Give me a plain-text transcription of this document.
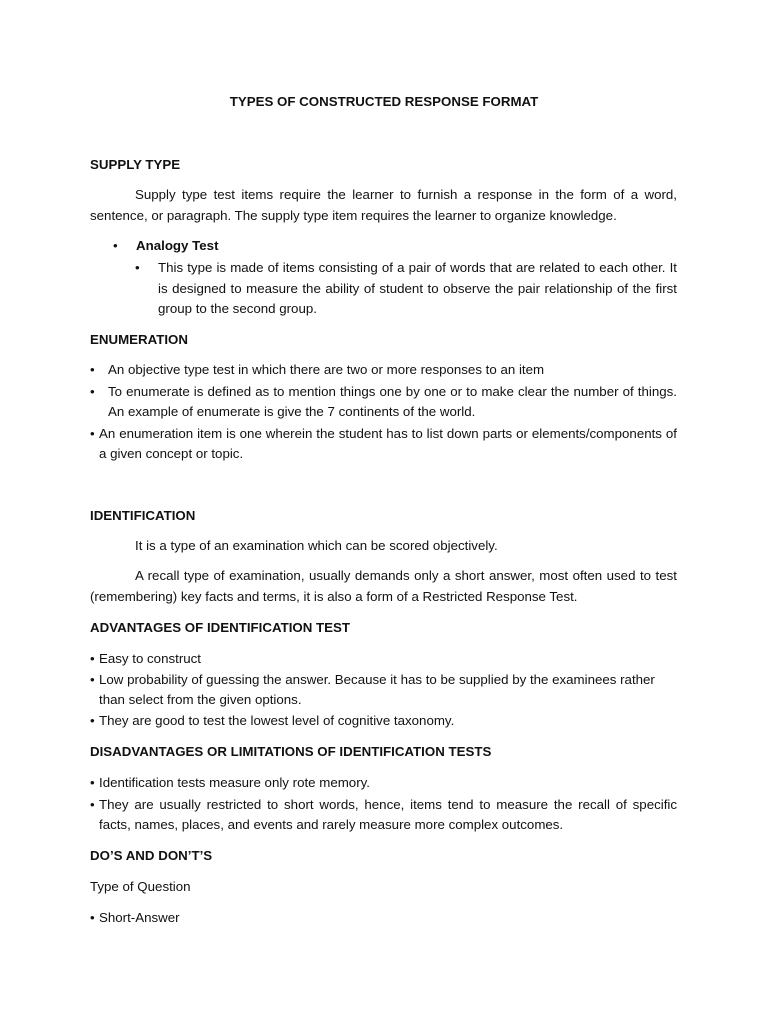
TYPES OF CONSTRUCTED RESPONSE FORMAT

SUPPLY TYPE

Supply type test items require the learner to furnish a response in the form of a word, sentence, or paragraph. The supply type item requires the learner to organize knowledge.

•	Analogy Test
•	This type is made of items consisting of a pair of words that are related to each other. It is designed to measure the ability of student to observe the pair relationship of the first group to the second group.

ENUMERATION

•	An objective type test in which there are two or more responses to an item
•	To enumerate is defined as to mention things one by one or to make clear the number of things. An example of enumerate is give the 7 continents of the world.
• An enumeration item is one wherein the student has to list down parts or elements/components of a given concept or topic.

IDENTIFICATION

It is a type of an examination which can be scored objectively.

A recall type of examination, usually demands only a short answer, most often used to test (remembering) key facts and terms, it is also a form of a Restricted Response Test.

ADVANTAGES OF IDENTIFICATION TEST

• Easy to construct
• Low probability of guessing the answer. Because it has to be supplied by the examinees rather than select from the given options.
• They are good to test the lowest level of cognitive taxonomy.

DISADVANTAGES OR LIMITATIONS OF IDENTIFICATION TESTS

• Identification tests measure only rote memory.
• They are usually restricted to short words, hence, items tend to measure the recall of specific facts, names, places, and events and rarely measure more complex outcomes.

DO’S AND DON’T’S

Type of Question

• Short-Answer
